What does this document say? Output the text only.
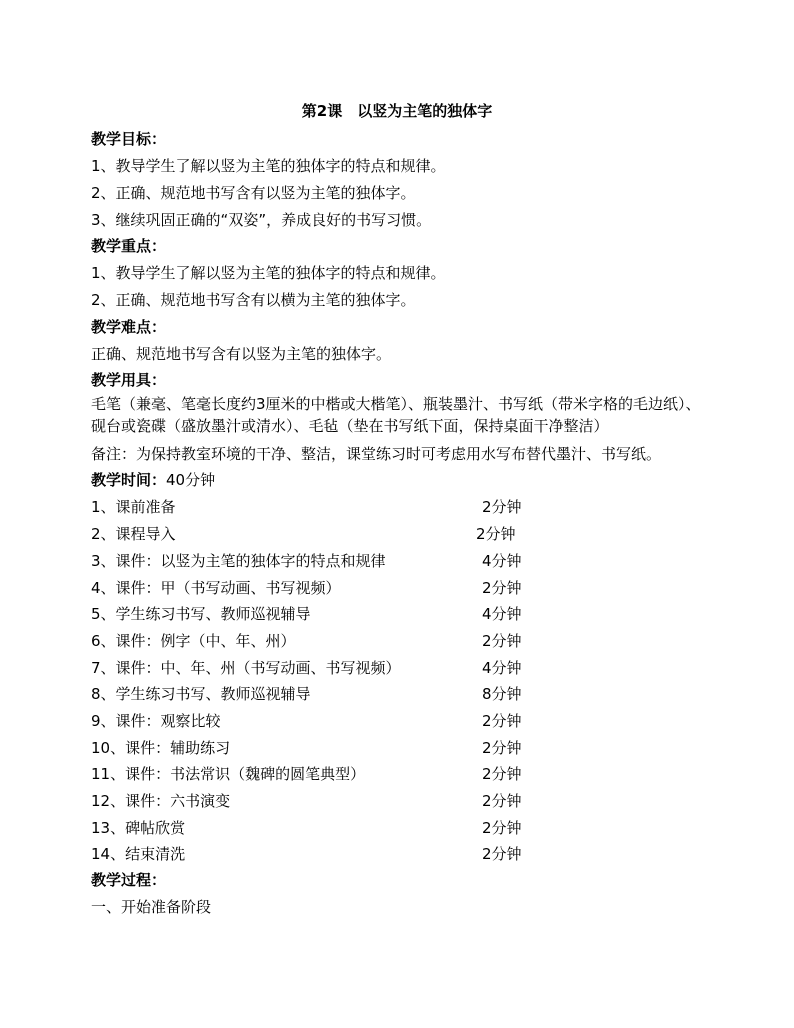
第2课　以竖为主笔的独体字
教学目标：
1、教导学生了解以竖为主笔的独体字的特点和规律。
2、正确、规范地书写含有以竖为主笔的独体字。
3、继续巩固正确的“双姿”，养成良好的书写习惯。
教学重点：
1、教导学生了解以竖为主笔的独体字的特点和规律。
2、正确、规范地书写含有以横为主笔的独体字。
教学难点：
正确、规范地书写含有以竖为主笔的独体字。
教学用具：
毛笔（兼毫、笔毫长度约3厘米的中楷或大楷笔）、瓶装墨汁、书写纸（带米字格的毛边纸）、砚台或瓷碟（盛放墨汁或清水）、毛毡（垫在书写纸下面，保持桌面干净整洁）
备注：为保持教室环境的干净、整洁，课堂练习时可考虑用水写布替代墨汁、书写纸。
教学时间：40分钟
1、课前准备	2分钟
2、课程导入	2分钟
3、课件：以竖为主笔的独体字的特点和规律	4分钟
4、课件：甲（书写动画、书写视频）	2分钟
5、学生练习书写、教师巡视辅导	4分钟
6、课件：例字（中、年、州）	2分钟
7、课件：中、年、州（书写动画、书写视频）	4分钟
8、学生练习书写、教师巡视辅导	8分钟
9、课件：观察比较	2分钟
10、课件：辅助练习	2分钟
11、课件：书法常识（魏碑的圆笔典型）	2分钟
12、课件：六书演变	2分钟
13、碑帖欣赏	2分钟
14、结束清洗	2分钟
教学过程：
一、开始准备阶段
